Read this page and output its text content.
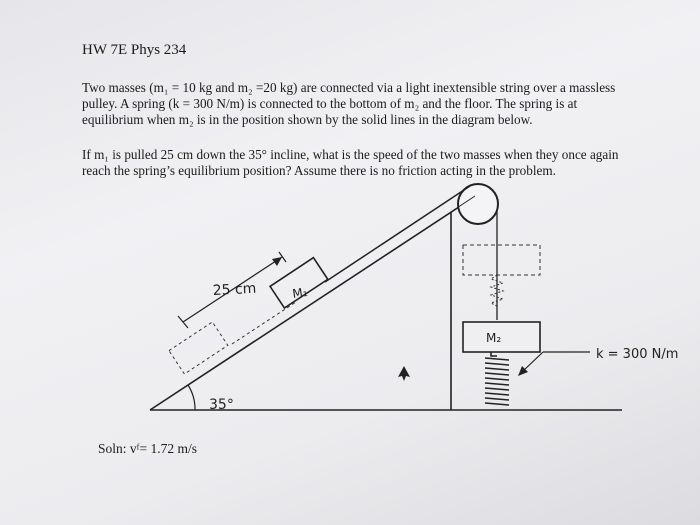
HW 7E Phys 234
Two masses (m₁ = 10 kg and m₂ =20 kg) are connected via a light inextensible string over a massless
pulley. A spring (k = 300 N/m) is connected to the bottom of m₂ and the floor. The spring is at
equilibrium when m₂ is in the position shown by the solid lines in the diagram below.
If m₁ is pulled 25 cm down the 35° incline, what is the speed of the two masses when they once again
reach the spring’s equilibrium position? Assume there is no friction acting in the problem.
25 cm	M₁
M₂
35°
k = 300 N/m
Soln: vᶠ= 1.72 m/s
